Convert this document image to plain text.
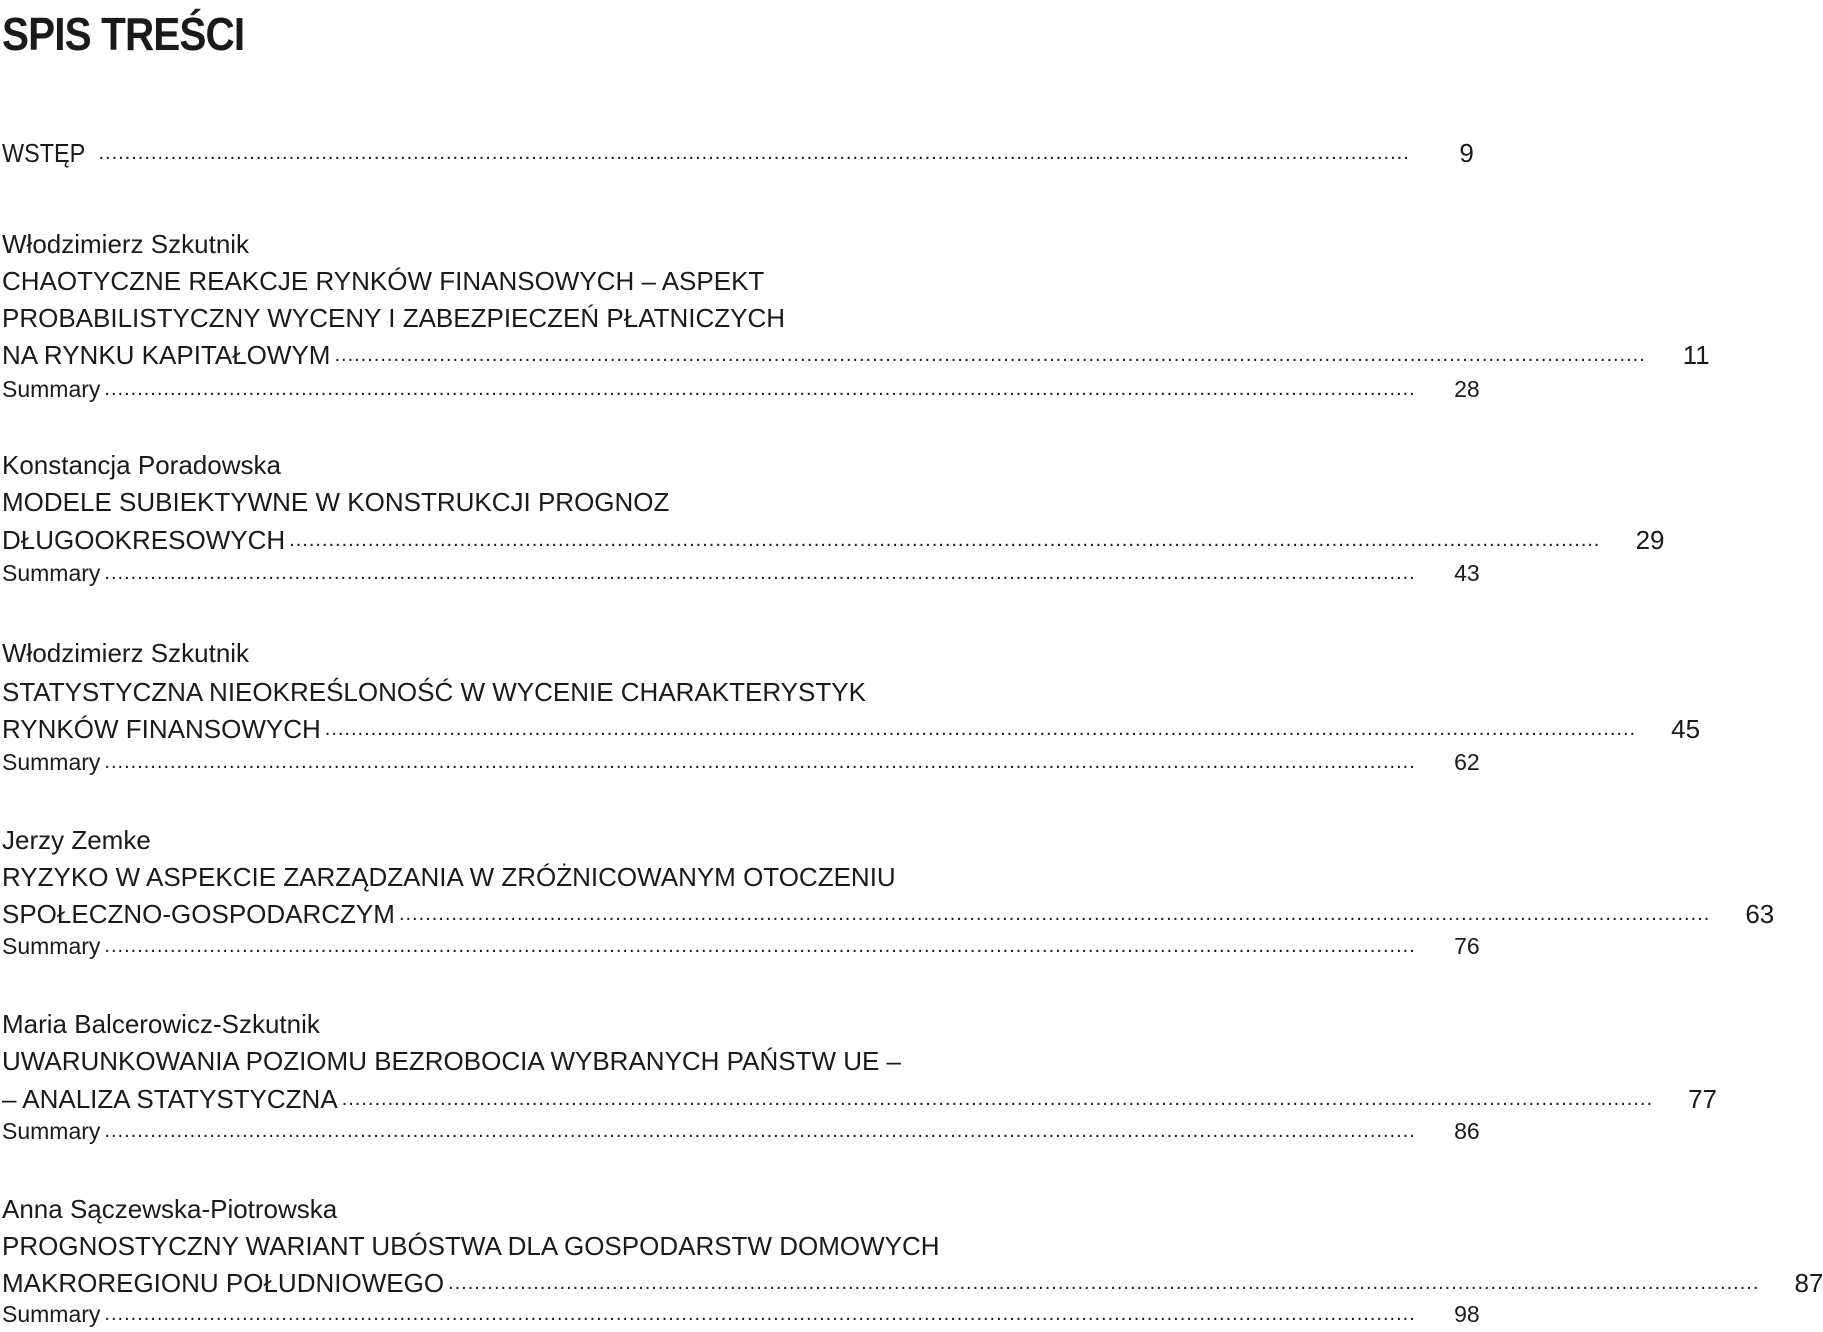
SPIS TREŚCI
WSTĘP ........................................................................................................................................................................................................	9
Włodzimierz Szkutnik
CHAOTYCZNE REAKCJE RYNKÓW FINANSOWYCH – ASPEKT
PROBABILISTYCZNY WYCENY I ZABEZPIECZEŃ PŁATNICZYCH
NA RYNKU KAPITAŁOWYM ........................................................................................................................................................................................................	11
Summary ........................................................................................................................................................................................................	28
Konstancja Poradowska
MODELE SUBIEKTYWNE W KONSTRUKCJI PROGNOZ
DŁUGOOKRESOWYCH ........................................................................................................................................................................................................	29
Summary ........................................................................................................................................................................................................	43
Włodzimierz Szkutnik
STATYSTYCZNA NIEOKREŚLONOŚĆ W WYCENIE CHARAKTERYSTYK
RYNKÓW FINANSOWYCH ........................................................................................................................................................................................................	45
Summary ........................................................................................................................................................................................................	62
Jerzy Zemke
RYZYKO W ASPEKCIE ZARZĄDZANIA W ZRÓŻNICOWANYM OTOCZENIU
SPOŁECZNO-GOSPODARCZYM ........................................................................................................................................................................................................	63
Summary ........................................................................................................................................................................................................	76
Maria Balcerowicz-Szkutnik
UWARUNKOWANIA POZIOMU BEZROBOCIA WYBRANYCH PAŃSTW UE –
– ANALIZA STATYSTYCZNA ........................................................................................................................................................................................................	77
Summary ........................................................................................................................................................................................................	86
Anna Sączewska-Piotrowska
PROGNOSTYCZNY WARIANT UBÓSTWA DLA GOSPODARSTW DOMOWYCH
MAKROREGIONU POŁUDNIOWEGO ........................................................................................................................................................................................................	87
Summary ........................................................................................................................................................................................................	98
